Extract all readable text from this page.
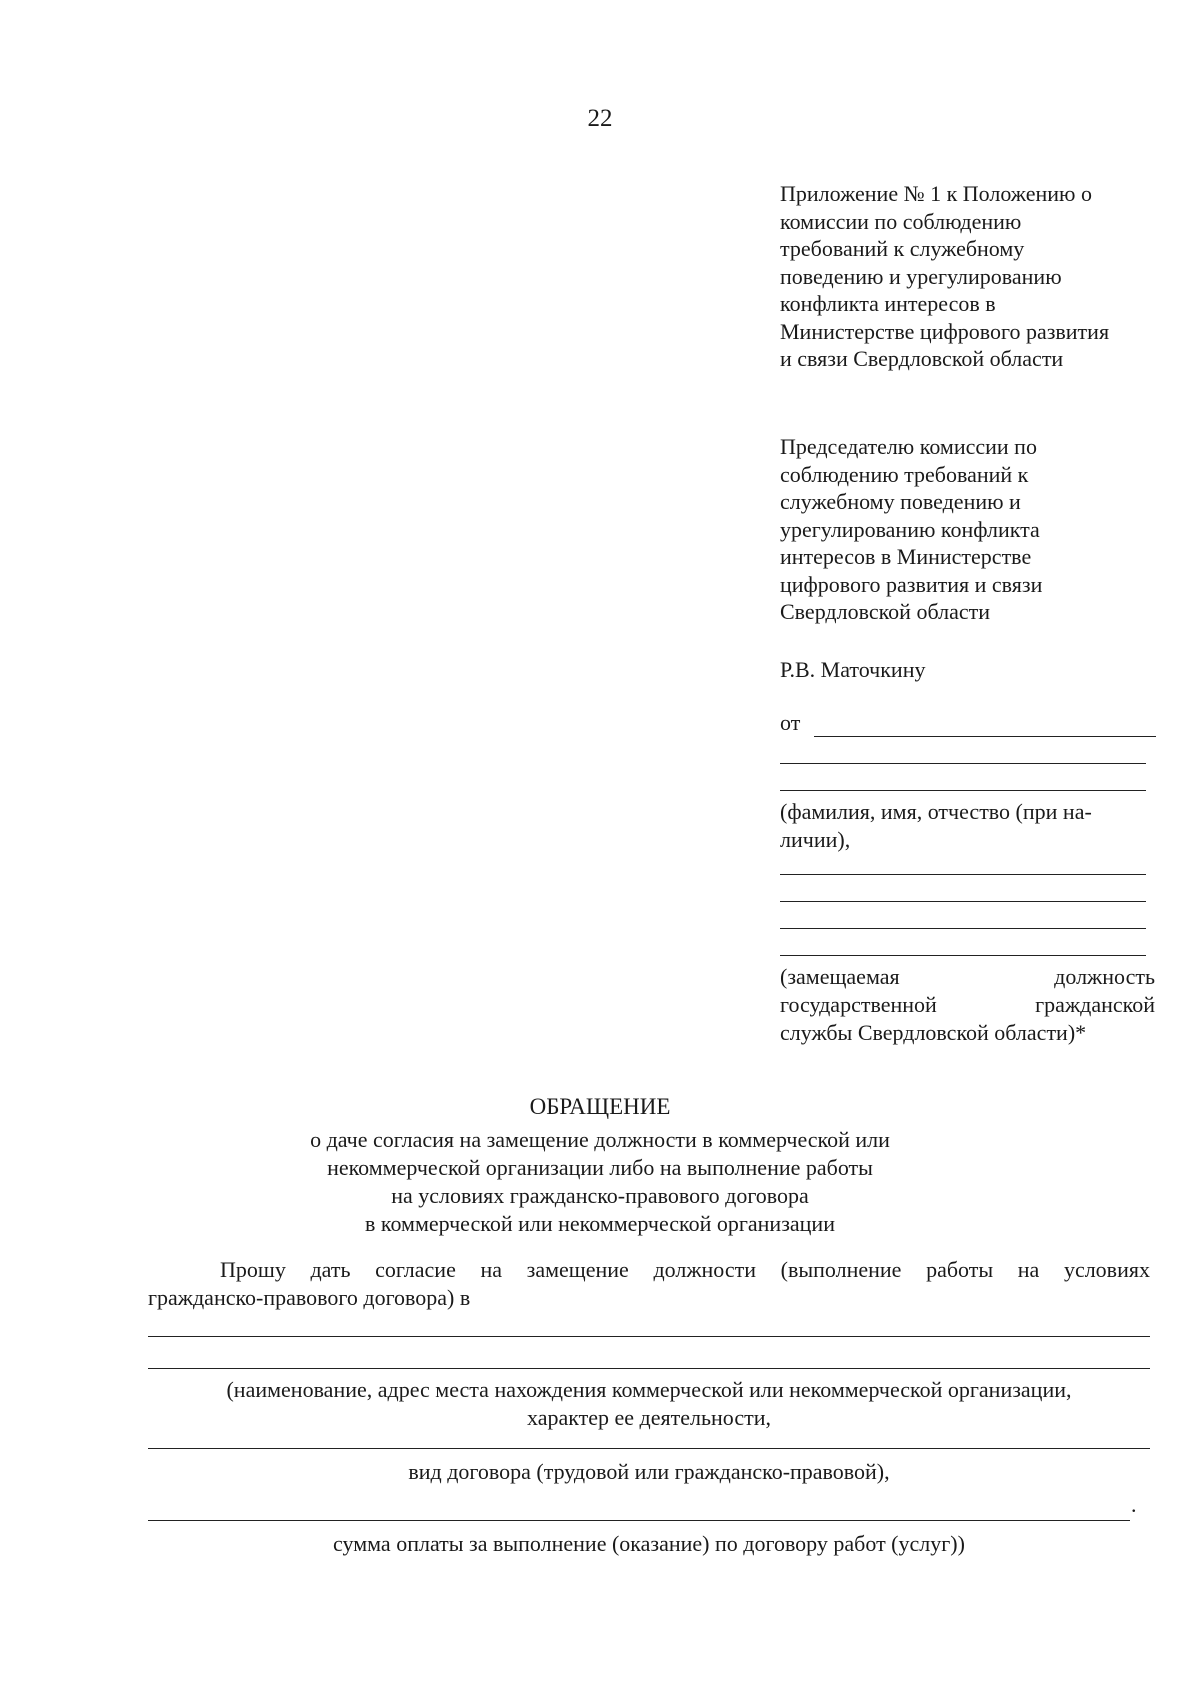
22
Приложение № 1 к Положению о
комиссии по соблюдению
требований к служебному
поведению и урегулированию
конфликта интересов в
Министерстве цифрового развития
и связи Свердловской области
Председателю комиссии по
соблюдению требований к
служебному поведению и
урегулированию конфликта
интересов в Министерстве
цифрового развития и связи
Свердловской области
Р.В. Маточкину
от
(фамилия, имя, отчество (при на-
личии),
(замещаемая	должность
государственной	гражданской
службы Свердловской области)*
ОБРАЩЕНИЕ
о даче согласия на замещение должности в коммерческой или
некоммерческой организации либо на выполнение работы
на условиях гражданско-правового договора
в коммерческой или некоммерческой организации
Прошу дать согласие на замещение должности (выполнение работы на условиях
гражданско-правового договора) в
(наименование, адрес места нахождения коммерческой или некоммерческой организации,
характер ее деятельности,
вид договора (трудовой или гражданско-правовой),
.
сумма оплаты за выполнение (оказание) по договору работ (услуг))
